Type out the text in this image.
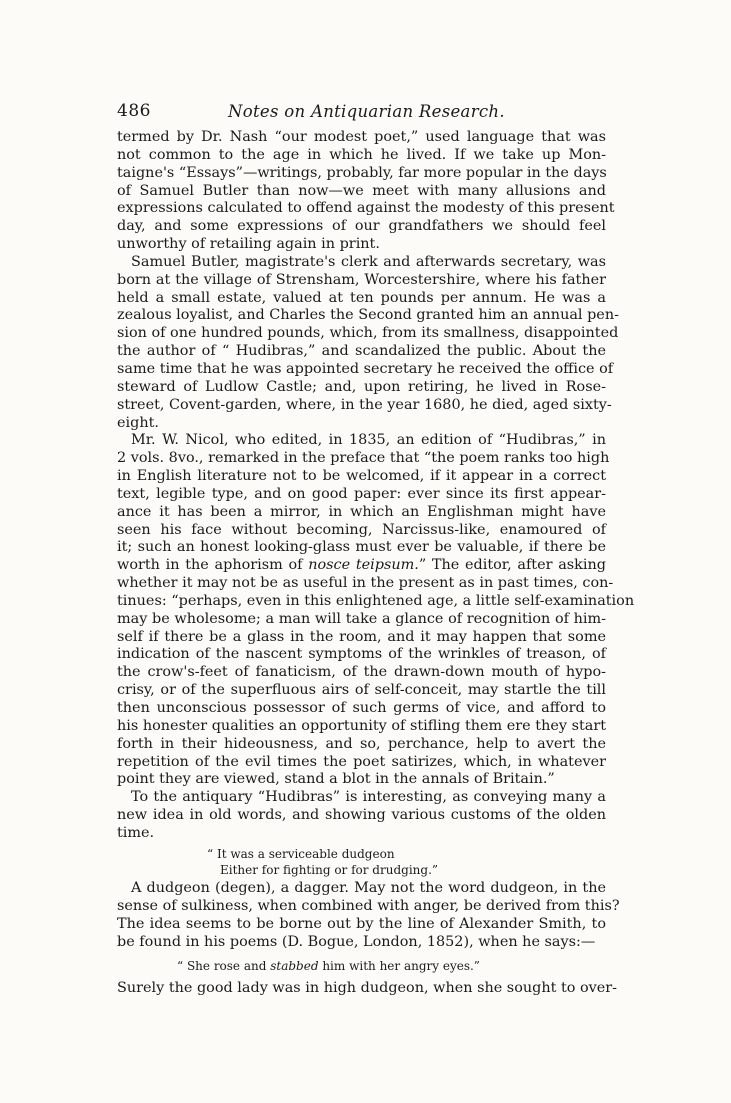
486	Notes on Antiquarian Research.
termed by Dr. Nash “our modest poet,” used language that was
not common to the age in which he lived. If we take up Mon-
taigne's “Essays”—writings, probably, far more popular in the days
of Samuel Butler than now—we meet with many allusions and
expressions calculated to offend against the modesty of this present
day, and some expressions of our grandfathers we should feel
unworthy of retailing again in print.
Samuel Butler, magistrate's clerk and afterwards secretary, was
born at the village of Strensham, Worcestershire, where his father
held a small estate, valued at ten pounds per annum. He was a
zealous loyalist, and Charles the Second granted him an annual pen-
sion of one hundred pounds, which, from its smallness, disappointed
the author of “ Hudibras,” and scandalized the public. About the
same time that he was appointed secretary he received the office of
steward of Ludlow Castle; and, upon retiring, he lived in Rose-
street, Covent-garden, where, in the year 1680, he died, aged sixty-
eight.
Mr. W. Nicol, who edited, in 1835, an edition of “Hudibras,” in
2 vols. 8vo., remarked in the preface that “the poem ranks too high
in English literature not to be welcomed, if it appear in a correct
text, legible type, and on good paper: ever since its first appear-
ance it has been a mirror, in which an Englishman might have
seen his face without becoming, Narcissus-like, enamoured of
it; such an honest looking-glass must ever be valuable, if there be
worth in the aphorism of nosce teipsum.” The editor, after asking
whether it may not be as useful in the present as in past times, con-
tinues: “perhaps, even in this enlightened age, a little self-examination
may be wholesome; a man will take a glance of recognition of him-
self if there be a glass in the room, and it may happen that some
indication of the nascent symptoms of the wrinkles of treason, of
the crow's-feet of fanaticism, of the drawn-down mouth of hypo-
crisy, or of the superfluous airs of self-conceit, may startle the till
then unconscious possessor of such germs of vice, and afford to
his honester qualities an opportunity of stifling them ere they start
forth in their hideousness, and so, perchance, help to avert the
repetition of the evil times the poet satirizes, which, in whatever
point they are viewed, stand a blot in the annals of Britain.”
To the antiquary “Hudibras” is interesting, as conveying many a
new idea in old words, and showing various customs of the olden
time.
“ It was a serviceable dudgeon
Either for fighting or for drudging.”
A dudgeon (degen), a dagger. May not the word dudgeon, in the
sense of sulkiness, when combined with anger, be derived from this?
The idea seems to be borne out by the line of Alexander Smith, to
be found in his poems (D. Bogue, London, 1852), when he says:—
“ She rose and stabbed him with her angry eyes.”
Surely the good lady was in high dudgeon, when she sought to over-
